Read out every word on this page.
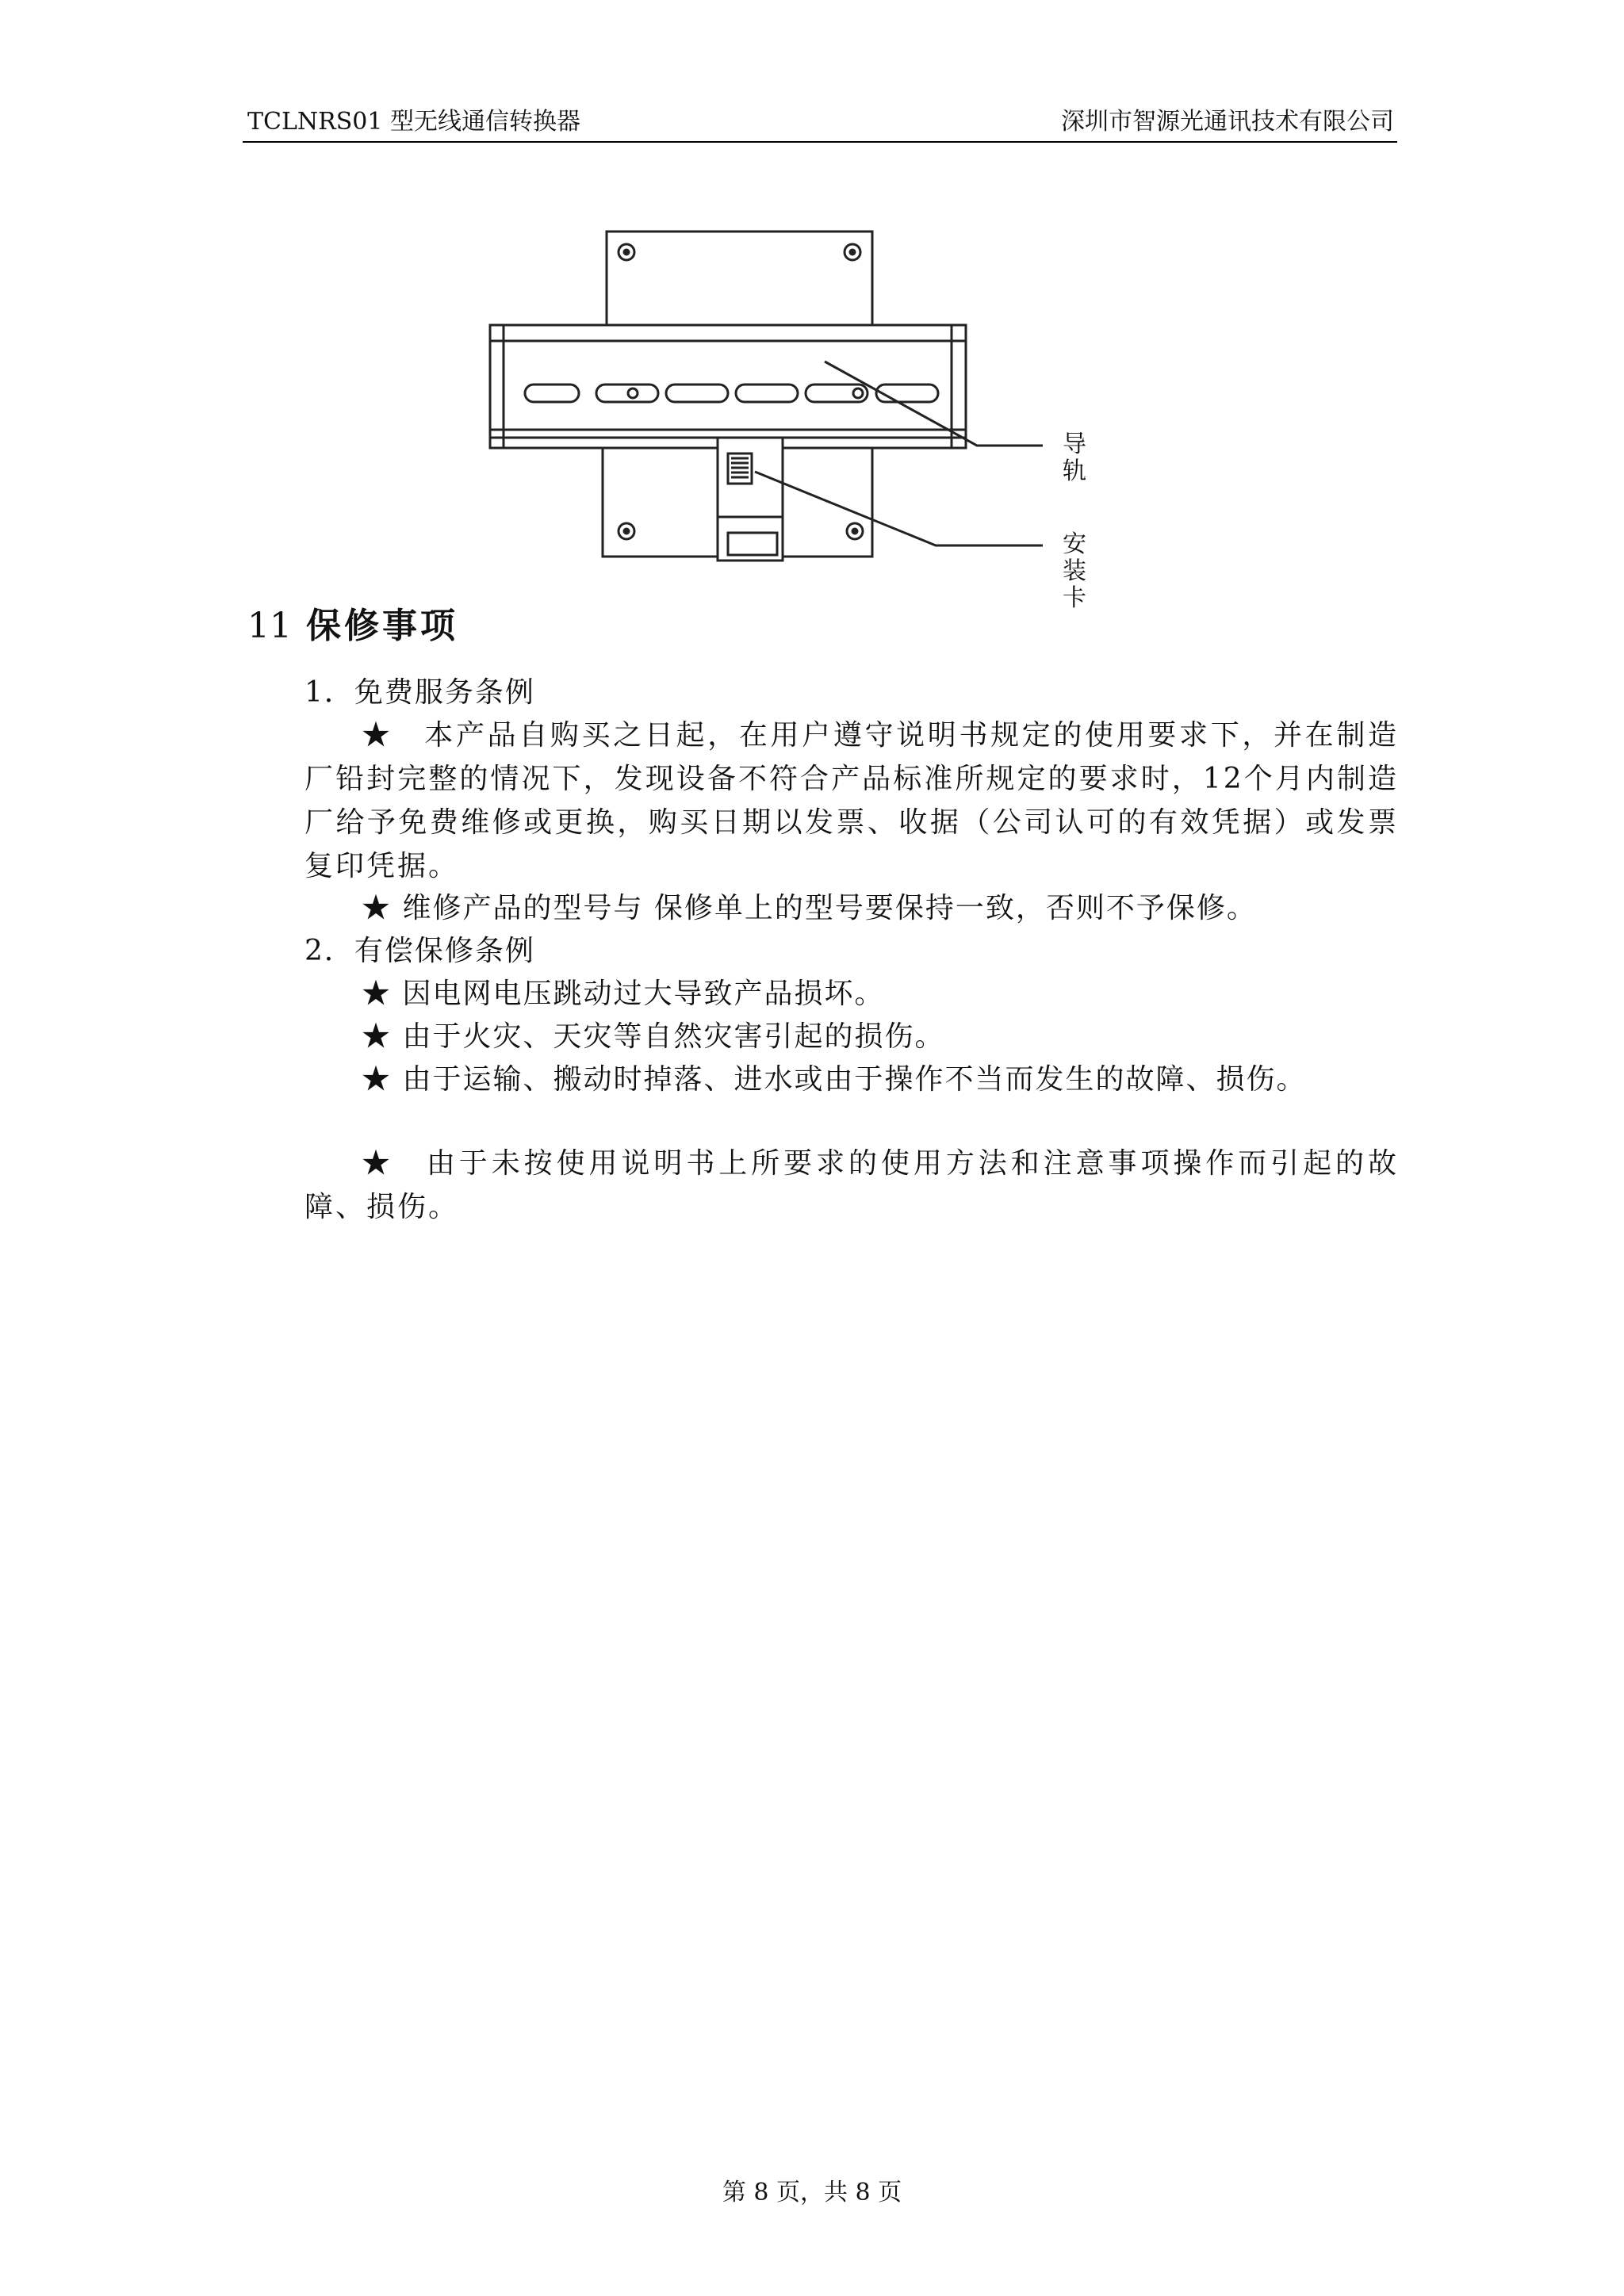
TCLNRS01 型无线通信转换器	深圳市智源光通讯技术有限公司
导轨
安装卡
11 保修事项
1．免费服务条例
★　本产品自购买之日起，在用户遵守说明书规定的使用要求下，并在制造厂铅封完整的情况下，发现设备不符合产品标准所规定的要求时，12个月内制造厂给予免费维修或更换，购买日期以发票、收据（公司认可的有效凭据）或发票复印凭据。
★ 维修产品的型号与 保修单上的型号要保持一致，否则不予保修。
2．有偿保修条例
★ 因电网电压跳动过大导致产品损坏。
★ 由于火灾、天灾等自然灾害引起的损伤。
★ 由于运输、搬动时掉落、进水或由于操作不当而发生的故障、损伤。
★　由于未按使用说明书上所要求的使用方法和注意事项操作而引起的故障、损伤。
第 8 页，共 8 页
